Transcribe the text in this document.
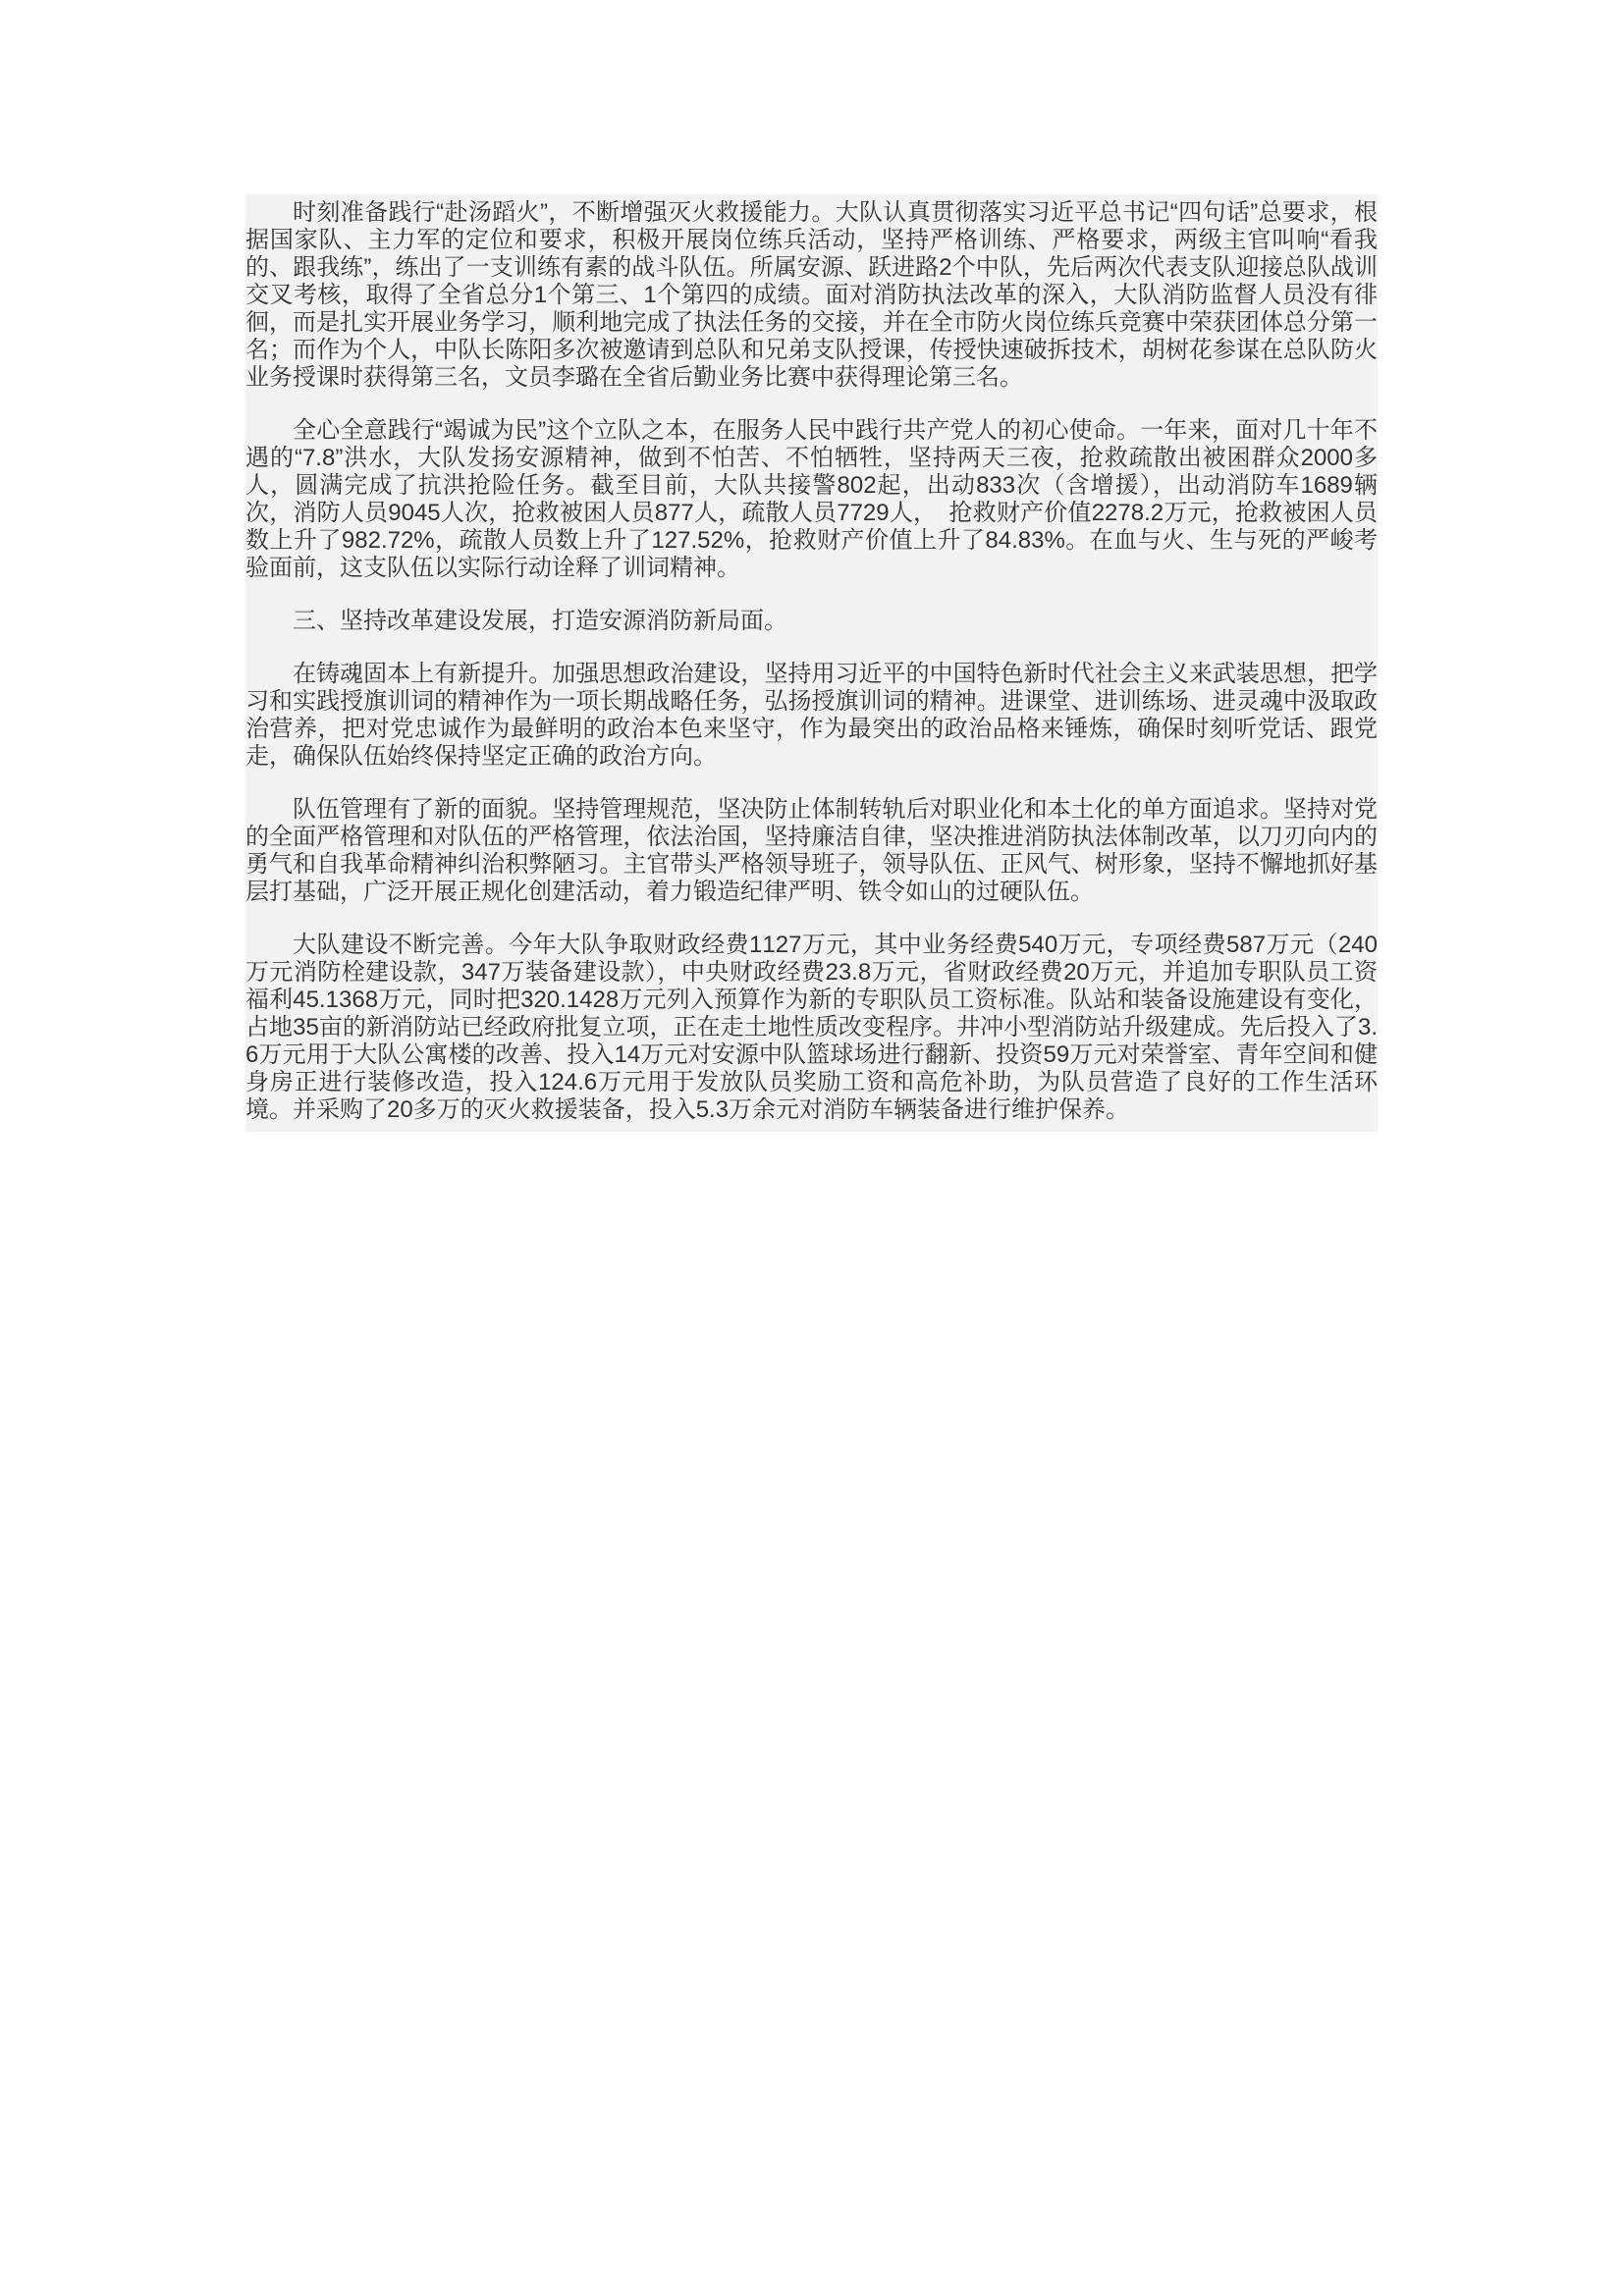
时刻准备践行“赴汤蹈火”，不断增强灭火救援能力。大队认真贯彻落实习近平总书记“四句话”总要求，根据国家队、主力军的定位和要求，积极开展岗位练兵活动，坚持严格训练、严格要求，两级主官叫响“看我的、跟我练”，练出了一支训练有素的战斗队伍。所属安源、跃进路2个中队，先后两次代表支队迎接总队战训交叉考核，取得了全省总分1个第三、1个第四的成绩。面对消防执法改革的深入，大队消防监督人员没有徘徊，而是扎实开展业务学习，顺利地完成了执法任务的交接，并在全市防火岗位练兵竞赛中荣获团体总分第一名；而作为个人，中队长陈阳多次被邀请到总队和兄弟支队授课，传授快速破拆技术，胡树花参谋在总队防火业务授课时获得第三名，文员李璐在全省后勤业务比赛中获得理论第三名。

全心全意践行“竭诚为民”这个立队之本，在服务人民中践行共产党人的初心使命。一年来，面对几十年不遇的“7.8”洪水，大队发扬安源精神，做到不怕苦、不怕牺牲，坚持两天三夜，抢救疏散出被困群众2000多人，圆满完成了抗洪抢险任务。截至目前，大队共接警802起，出动833次（含增援），出动消防车1689辆次，消防人员9045人次，抢救被困人员877人，疏散人员7729人，　抢救财产价值2278.2万元，抢救被困人员数上升了982.72%，疏散人员数上升了127.52%，抢救财产价值上升了84.83%。在血与火、生与死的严峻考验面前，这支队伍以实际行动诠释了训词精神。

三、坚持改革建设发展，打造安源消防新局面。

在铸魂固本上有新提升。加强思想政治建设，坚持用习近平的中国特色新时代社会主义来武装思想，把学习和实践授旗训词的精神作为一项长期战略任务，弘扬授旗训词的精神。进课堂、进训练场、进灵魂中汲取政治营养，把对党忠诚作为最鲜明的政治本色来坚守，作为最突出的政治品格来锤炼，确保时刻听党话、跟党走，确保队伍始终保持坚定正确的政治方向。

队伍管理有了新的面貌。坚持管理规范，坚决防止体制转轨后对职业化和本土化的单方面追求。坚持对党的全面严格管理和对队伍的严格管理，依法治国，坚持廉洁自律，坚决推进消防执法体制改革，以刀刃向内的勇气和自我革命精神纠治积弊陋习。主官带头严格领导班子，领导队伍、正风气、树形象，坚持不懈地抓好基层打基础，广泛开展正规化创建活动，着力锻造纪律严明、铁令如山的过硬队伍。

大队建设不断完善。今年大队争取财政经费1127万元，其中业务经费540万元，专项经费587万元（240万元消防栓建设款，347万装备建设款），中央财政经费23.8万元，省财政经费20万元，并追加专职队员工资福利45.1368万元，同时把320.1428万元列入预算作为新的专职队员工资标准。队站和装备设施建设有变化，占地35亩的新消防站已经政府批复立项，正在走土地性质改变程序。井冲小型消防站升级建成。先后投入了3.6万元用于大队公寓楼的改善、投入14万元对安源中队篮球场进行翻新、投资59万元对荣誉室、青年空间和健身房正进行装修改造，投入124.6万元用于发放队员奖励工资和高危补助，为队员营造了良好的工作生活环境。并采购了20多万的灭火救援装备，投入5.3万余元对消防车辆装备进行维护保养。
